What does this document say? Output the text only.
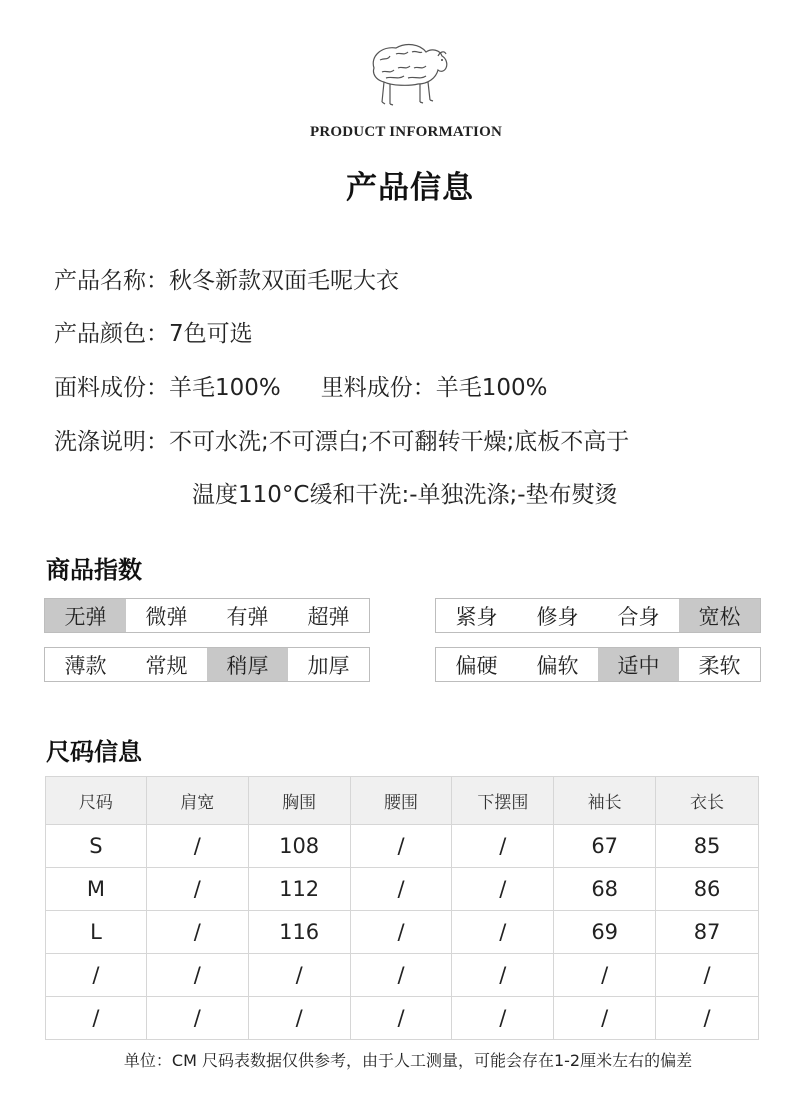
PRODUCT INFORMATION
产品信息
产品名称：秋冬新款双面毛呢大衣
产品颜色：7色可选
面料成份：羊毛100% 里料成份：羊毛100%
洗涤说明：不可水洗;不可漂白;不可翻转干燥;底板不高于
温度110°C缓和干洗:-单独洗涤;-垫布熨烫
商品指数
无弹	微弹	有弹	超弹	紧身	修身	合身	宽松
薄款	常规	稍厚	加厚	偏硬	偏软	适中	柔软
尺码信息
尺码	肩宽	胸围	腰围	下摆围	袖长	衣长
S	/	108	/	/	67	85
M	/	112	/	/	68	86
L	/	116	/	/	69	87
/	/	/	/	/	/	/
/	/	/	/	/	/	/
单位：CM 尺码表数据仅供参考，由于人工测量，可能会存在1-2厘米左右的偏差
